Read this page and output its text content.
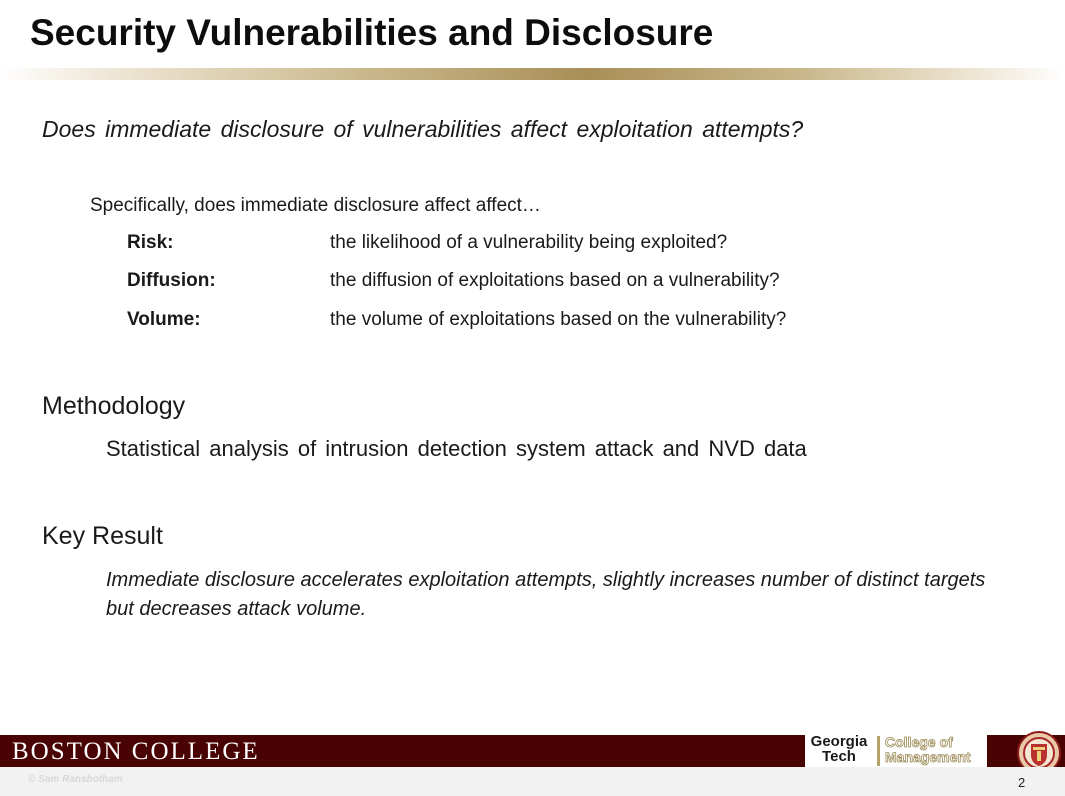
Security Vulnerabilities and Disclosure
Does immediate disclosure of vulnerabilities affect exploitation attempts?
Specifically, does immediate disclosure affect affect…
Risk:	the likelihood of a vulnerability being exploited?
Diffusion:	the diffusion of exploitations based on a vulnerability?
Volume:	the volume of exploitations based on the vulnerability?
Methodology
Statistical analysis of intrusion detection system attack and NVD data
Key Result
Immediate disclosure accelerates exploitation attempts, slightly increases number of distinct targets but decreases attack volume.
BOSTON COLLEGE	Georgia
Tech
College of
Management
© Sam Ransbotham	2
